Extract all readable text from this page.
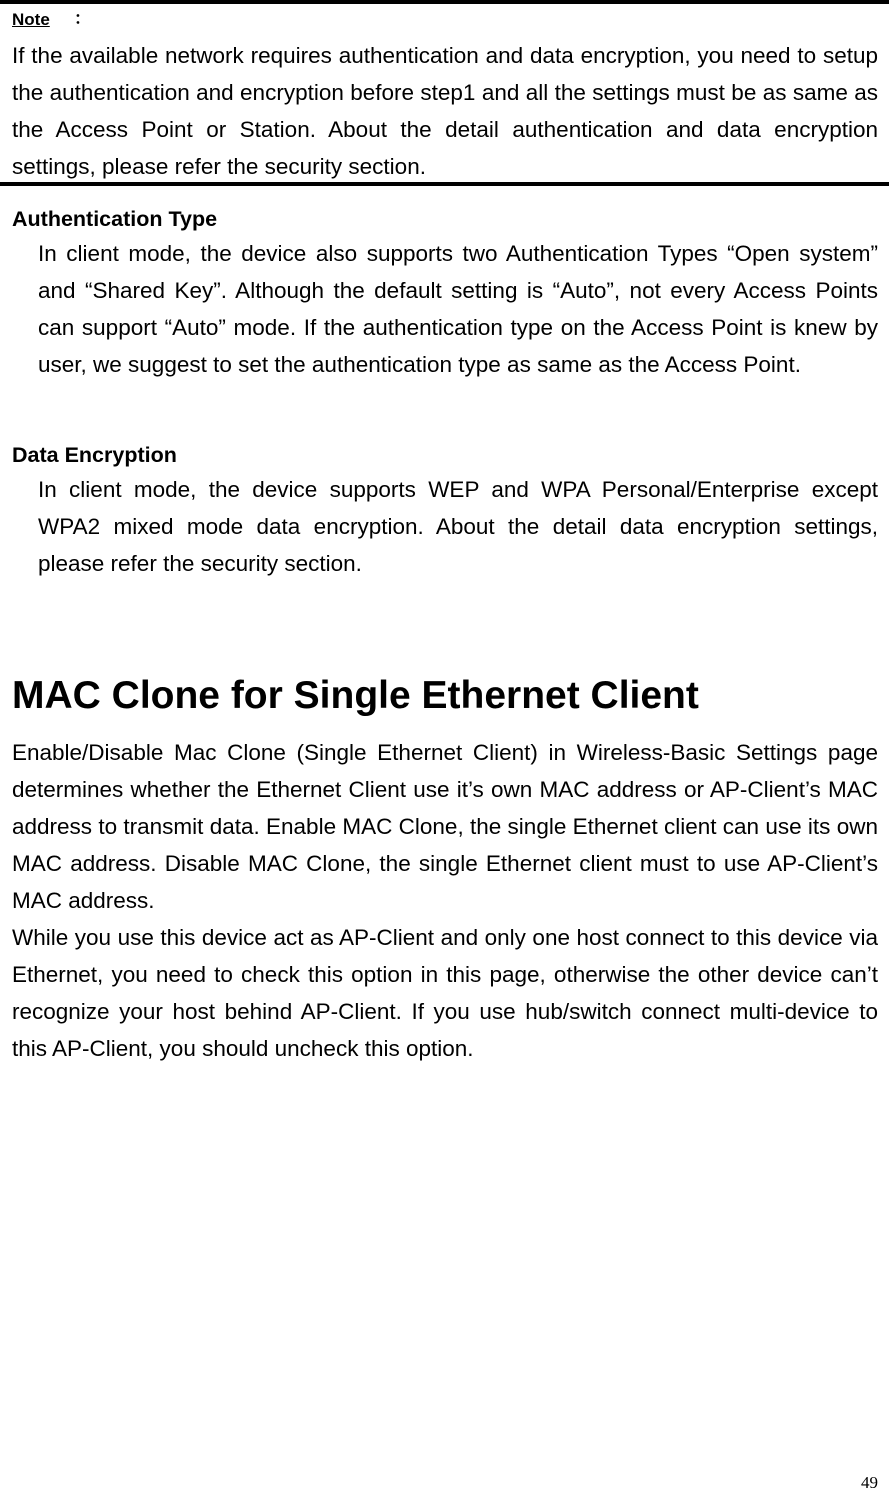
Note ：

If the available network requires authentication and data encryption, you need to setup the authentication and encryption before step1 and all the settings must be as same as the Access Point or Station. About the detail authentication and data encryption settings, please refer the security section.

Authentication Type

In client mode, the device also supports two Authentication Types “Open system” and “Shared Key”. Although the default setting is “Auto”, not every Access Points can support “Auto” mode. If the authentication type on the Access Point is knew by user, we suggest to set the authentication type as same as the Access Point.

Data Encryption

In client mode, the device supports WEP and WPA Personal/Enterprise except WPA2 mixed mode data encryption. About the detail data encryption settings, please refer the security section.

MAC Clone for Single Ethernet Client

Enable/Disable Mac Clone (Single Ethernet Client) in Wireless-Basic Settings page determines whether the Ethernet Client use it’s own MAC address or AP-Client’s MAC address to transmit data. Enable MAC Clone, the single Ethernet client can use its own MAC address. Disable MAC Clone, the single Ethernet client must to use AP-Client’s MAC address.

While you use this device act as AP-Client and only one host connect to this device via Ethernet, you need to check this option in this page, otherwise the other device can’t recognize your host behind AP-Client. If you use hub/switch connect multi-device to this AP-Client, you should uncheck this option.

49
